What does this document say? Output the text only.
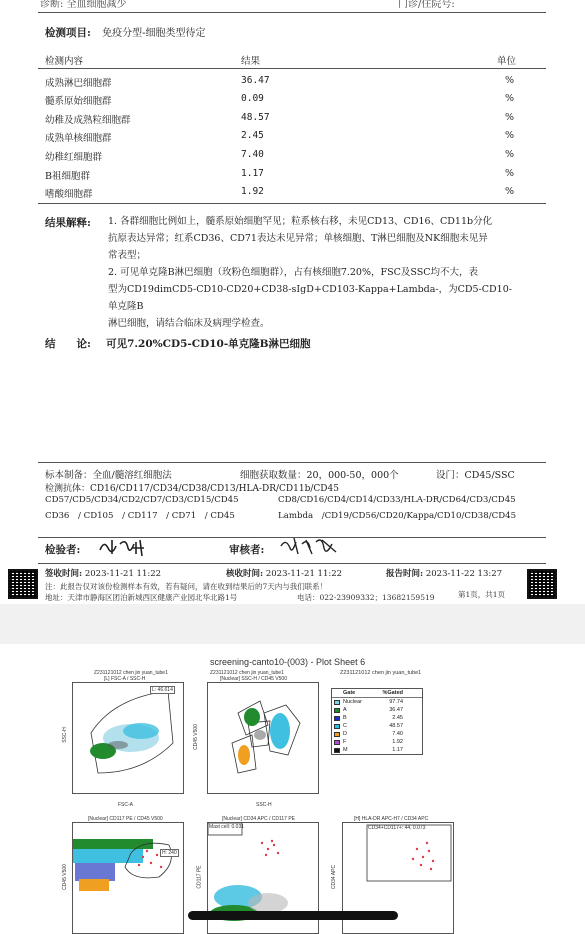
诊断: 全血细胞减少	门诊/住院号:
检测项目: 免疫分型-细胞类型待定
检测内容	结果	单位
成熟淋巴细胞群	36.47	%
髓系原始细胞群	0.09	%
幼稚及成熟粒细胞群	48.57	%
成熟单核细胞群	2.45	%
幼稚红细胞群	7.40	%
B祖细胞群	1.17	%
嗜酸细胞群	1.92	%
结果解释: 1. 各群细胞比例如上，髓系原始细胞罕见；粒系核右移，未见CD13、CD16、CD11b分化
抗原表达异常；红系CD36、CD71表达未见异常；单核细胞、T淋巴细胞及NK细胞未见异
常表型；
2. 可见单克隆B淋巴细胞（玫粉色细胞群），占有核细胞7.20%，FSC及SSC均不大，表
型为CD19dimCD5-CD10-CD20+CD38-sIgD+CD103-Kappa+Lambda-，为CD5-CD10-单克隆B
淋巴细胞，请结合临床及病理学检查。
结　　论: 可见7.20%CD5-CD10-单克隆B淋巴细胞
标本制备：全血/髓溶红细胞法	细胞获取数量：20，000-50，000个	设门：CD45/SSC
检测抗体：CD16/CD117/CD34/CD38/CD13/HLA-DR/CD11b/CD45
CD57/CD5/CD34/CD2/CD7/CD3/CD15/CD45	CD8/CD16/CD4/CD14/CD33/HLA-DR/CD64/CD3/CD45
CD36　/ CD105　/ CD117　/ CD71　/ CD45	Lambda　/CD19/CD56/CD20/Kappa/CD10/CD38/CD45
检验者:	审核者:
签收时间: 2023-11-21 11:22	核收时间: 2023-11-21 11:22	报告时间: 2023-11-22 13:27
注：此报告仅对该份检测样本有效，若有疑问，请在收到结果后的7天内与我们联系！
地址：天津市静海区团泊新城西区健康产业园北华北路1号	电话：022-23909332；13682159519	第1页，共1页
screening-canto10-(003) - Plot Sheet 6
Z231121012 chen jin yuan_tube1
[L] FSC-A / SSC-H
L: 46.614
FSC-A
SSC-H
Z231121012 chen jin yuan_tube1
[Nuclear] SSC-H / CD45 V500
SSC-H
CD45 V500
Z231121012 chen jin yuan_tube1
Gate	%Gated
Nuclear	97.74
A	36.47
B	2.45
C	48.57
D	7.40
F	1.92
M	1.17
[Nuclear] CD117 PE / CD45 V500
H: 240
CD45 V500
[Nuclear] CD34 APC / CD117 PE
Mast cell: 0.031
CD117 PE
[H] HLA-DR APC-H7 / CD34 APC
CD34+CD117+: 44, 0.073
CD34 APC
